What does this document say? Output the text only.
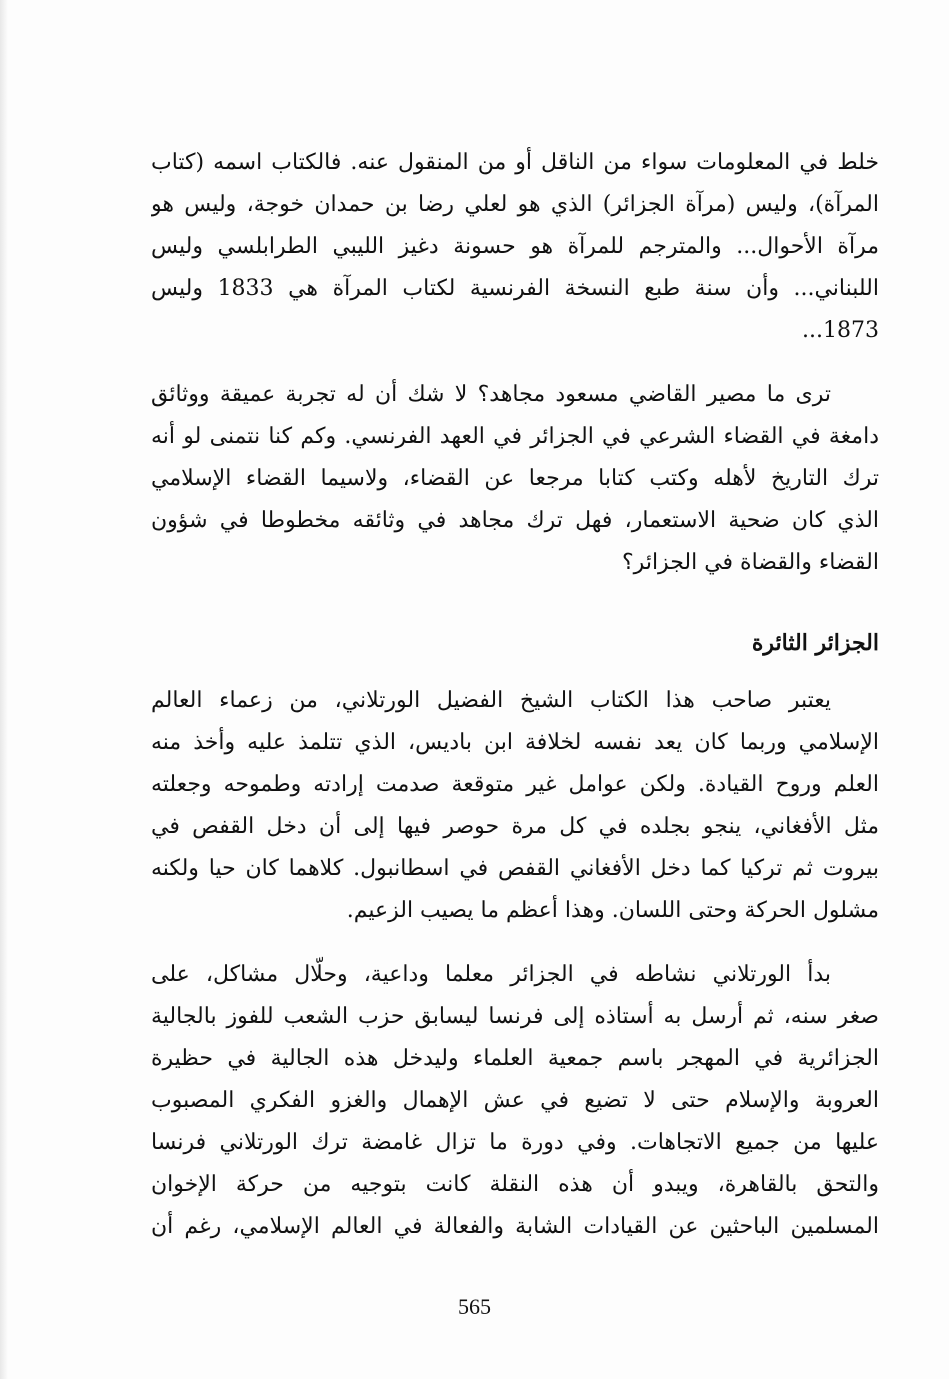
خلط في المعلومات سواء من الناقل أو من المنقول عنه. فالكتاب اسمه (كتاب
المرآة)، وليس (مرآة الجزائر) الذي هو لعلي رضا بن حمدان خوجة، وليس هو
مرآة الأحوال... والمترجم للمرآة هو حسونة دغيز الليبي الطرابلسي وليس
اللبناني... وأن سنة طبع النسخة الفرنسية لكتاب المرآة هي 1833 وليس
1873...
ترى ما مصير القاضي مسعود مجاهد؟ لا شك أن له تجربة عميقة ووثائق
دامغة في القضاء الشرعي في الجزائر في العهد الفرنسي. وكم كنا نتمنى لو أنه
ترك التاريخ لأهله وكتب كتابا مرجعا عن القضاء، ولاسيما القضاء الإسلامي
الذي كان ضحية الاستعمار، فهل ترك مجاهد في وثائقه مخطوطا في شؤون
القضاء والقضاة في الجزائر؟
الجزائر الثائرة
يعتبر صاحب هذا الكتاب الشيخ الفضيل الورتلاني، من زعماء العالم
الإسلامي وربما كان يعد نفسه لخلافة ابن باديس، الذي تتلمذ عليه وأخذ منه
العلم وروح القيادة. ولكن عوامل غير متوقعة صدمت إرادته وطموحه وجعلته
مثل الأفغاني، ينجو بجلده في كل مرة حوصر فيها إلى أن دخل القفص في
بيروت ثم تركيا كما دخل الأفغاني القفص في اسطانبول. كلاهما كان حيا ولكنه
مشلول الحركة وحتى اللسان. وهذا أعظم ما يصيب الزعيم.
بدأ الورتلاني نشاطه في الجزائر معلما وداعية، وحلّال مشاكل، على
صغر سنه، ثم أرسل به أستاذه إلى فرنسا ليسابق حزب الشعب للفوز بالجالية
الجزائرية في المهجر باسم جمعية العلماء وليدخل هذه الجالية في حظيرة
العروبة والإسلام حتى لا تضيع في عش الإهمال والغزو الفكري المصبوب
عليها من جميع الاتجاهات. وفي دورة ما تزال غامضة ترك الورتلاني فرنسا
والتحق بالقاهرة، ويبدو أن هذه النقلة كانت بتوجيه من حركة الإخوان
المسلمين الباحثين عن القيادات الشابة والفعالة في العالم الإسلامي، رغم أن
565
